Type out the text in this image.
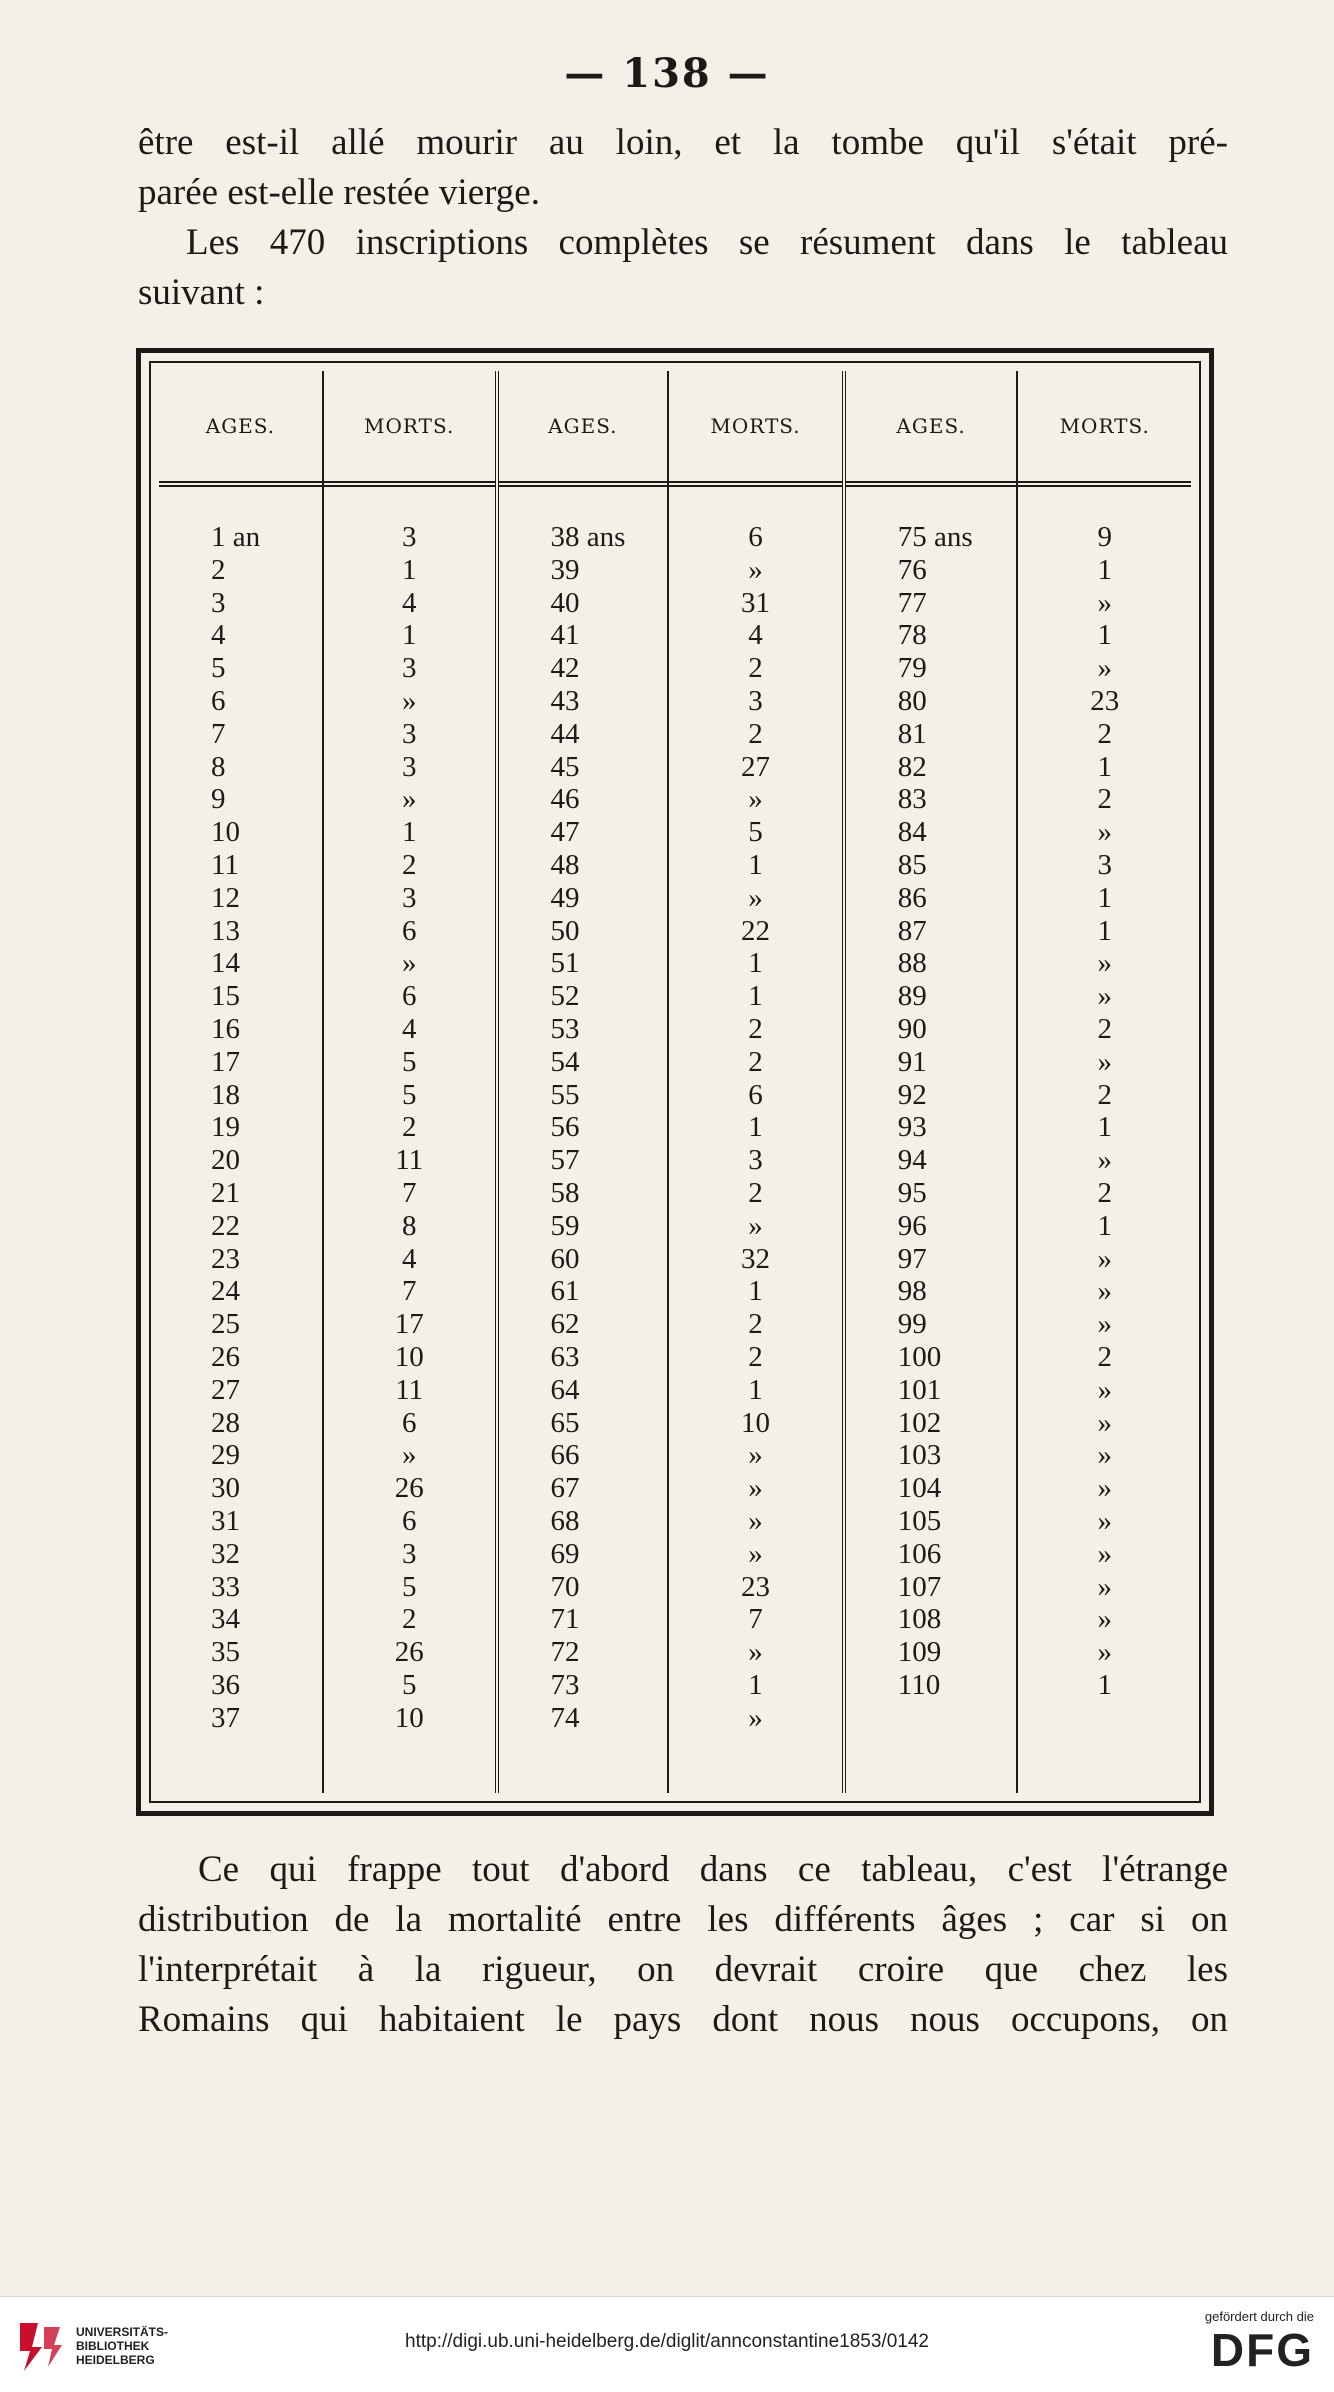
— 138 —
être est-il allé mourir au loin, et la tombe qu'il s'était pré-
parée est-elle restée vierge.
Les 470 inscriptions complètes se résument dans le tableau
suivant :
AGES.
1 an
2
3
4
5
6
7
8
9
10
11
12
13
14
15
16
17
18
19
20
21
22
23
24
25
26
27
28
29
30
31
32
33
34
35
36
37
MORTS.
3
1
4
1
3
»
3
3
»
1
2
3
6
»
6
4
5
5
2
11
7
8
4
7
17
10
11
6
»
26
6
3
5
2
26
5
10
AGES.
38 ans
39
40
41
42
43
44
45
46
47
48
49
50
51
52
53
54
55
56
57
58
59
60
61
62
63
64
65
66
67
68
69
70
71
72
73
74
MORTS.
6
»
31
4
2
3
2
27
»
5
1
»
22
1
1
2
2
6
1
3
2
»
32
1
2
2
1
10
»
»
»
»
23
7
»
1
»
AGES.
75 ans
76
77
78
79
80
81
82
83
84
85
86
87
88
89
90
91
92
93
94
95
96
97
98
99
100
101
102
103
104
105
106
107
108
109
110
MORTS.
9
1
»
1
»
23
2
1
2
»
3
1
1
»
»
2
»
2
1
»
2
1
»
»
»
2
»
»
»
»
»
»
»
»
»
1
Ce qui frappe tout d'abord dans ce tableau, c'est l'étrange
distribution de la mortalité entre les différents âges ; car si on
l'interprétait à la rigueur, on devrait croire que chez les
Romains qui habitaient le pays dont nous nous occupons, on
UNIVERSITÄTS-
BIBLIOTHEK
HEIDELBERG
http://digi.ub.uni-heidelberg.de/diglit/annconstantine1853/0142
gefördert durch die
DFG
